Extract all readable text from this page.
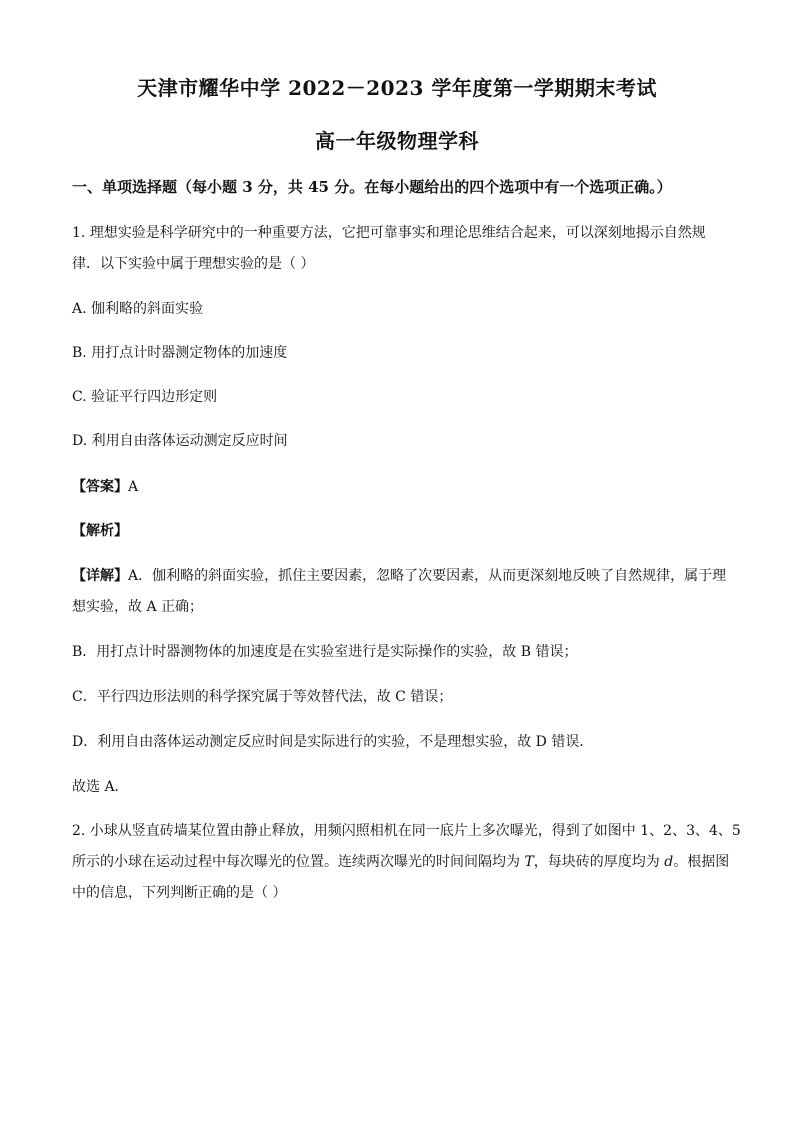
天津市耀华中学 2022－2023 学年度第一学期期末考试
高一年级物理学科
一、单项选择题（每小题 3 分，共 45 分。在每小题给出的四个选项中有一个选项正确。）
1. 理想实验是科学研究中的一种重要方法，它把可靠事实和理论思维结合起来，可以深刻地揭示自然规
律．以下实验中属于理想实验的是（ ）
A. 伽利略的斜面实验
B. 用打点计时器测定物体的加速度
C. 验证平行四边形定则
D. 利用自由落体运动测定反应时间
【答案】A
【解析】
【详解】A．伽利略的斜面实验，抓住主要因素，忽略了次要因素，从而更深刻地反映了自然规律，属于理
想实验，故 A 正确；
B．用打点计时器测物体的加速度是在实验室进行是实际操作的实验，故 B 错误；
C．平行四边形法则的科学探究属于等效替代法，故 C 错误；
D．利用自由落体运动测定反应时间是实际进行的实验，不是理想实验，故 D 错误．
故选 A．
2. 小球从竖直砖墙某位置由静止释放，用频闪照相机在同一底片上多次曝光，得到了如图中 1、2、3、4、5
所示的小球在运动过程中每次曝光的位置。连续两次曝光的时间间隔均为 T，每块砖的厚度均为 d。根据图
中的信息，下列判断正确的是（ ）
